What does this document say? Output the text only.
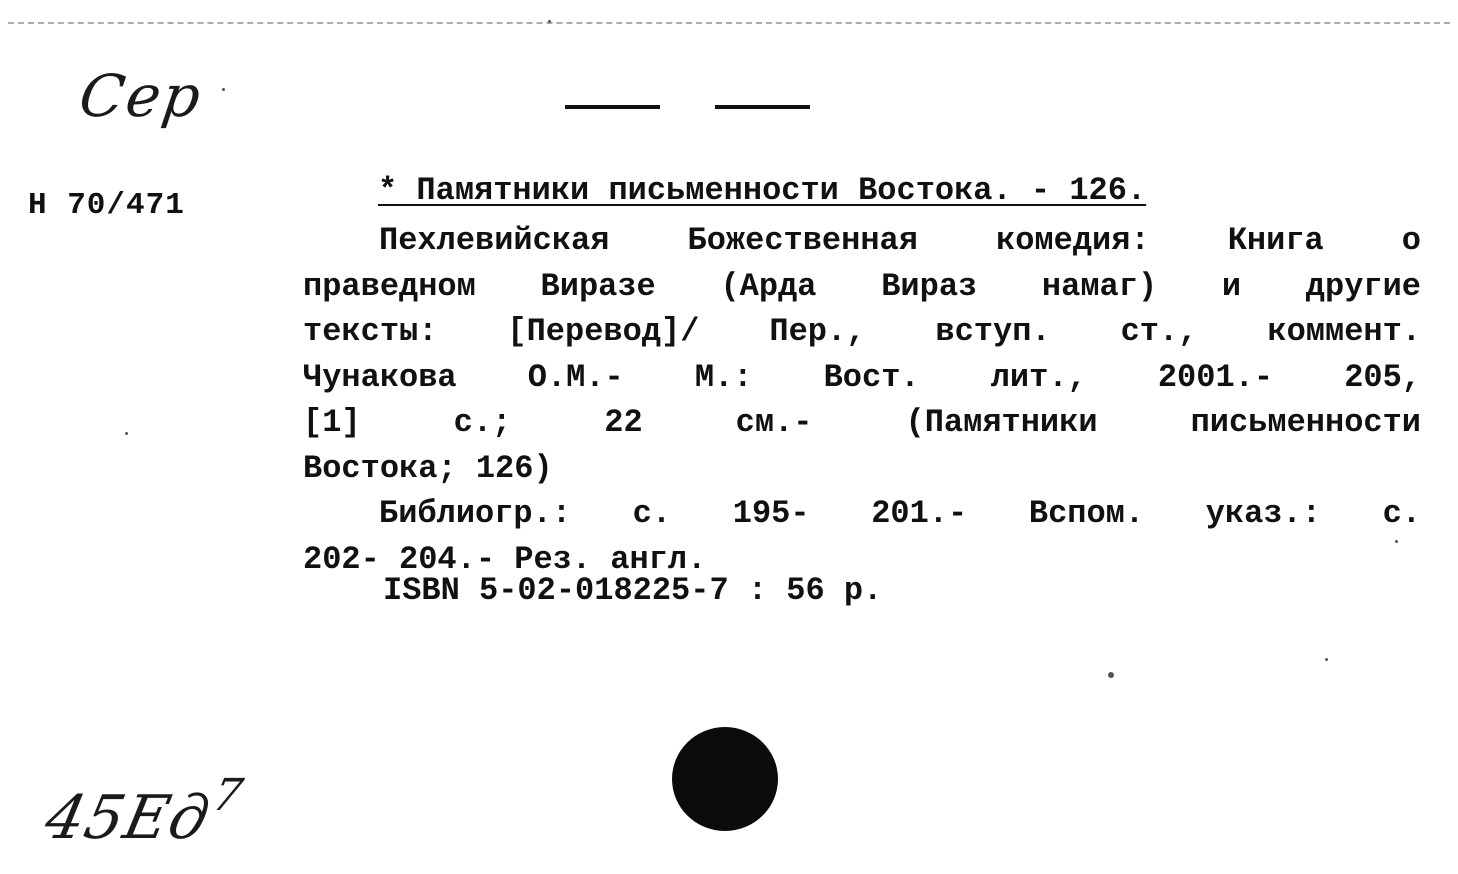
Сер
Н 70/471	* Памятники письменности Востока. - 126.
Пехлевийская Божественная комедия: Книга о
праведном Виразе (Арда Вираз намаг) и другие
тексты: [Перевод]/ Пер., вступ. ст., коммент.
Чунакова О.М.- М.: Вост. лит., 2001.- 205,
[1] с.; 22 см.- (Памятники письменности
Востока; 126)
Библиогр.: с. 195- 201.- Вспом. указ.: с.
202- 204.- Рез. англ.
ISBN 5-02-018225-7 : 56 р.
$45Ед^7$
